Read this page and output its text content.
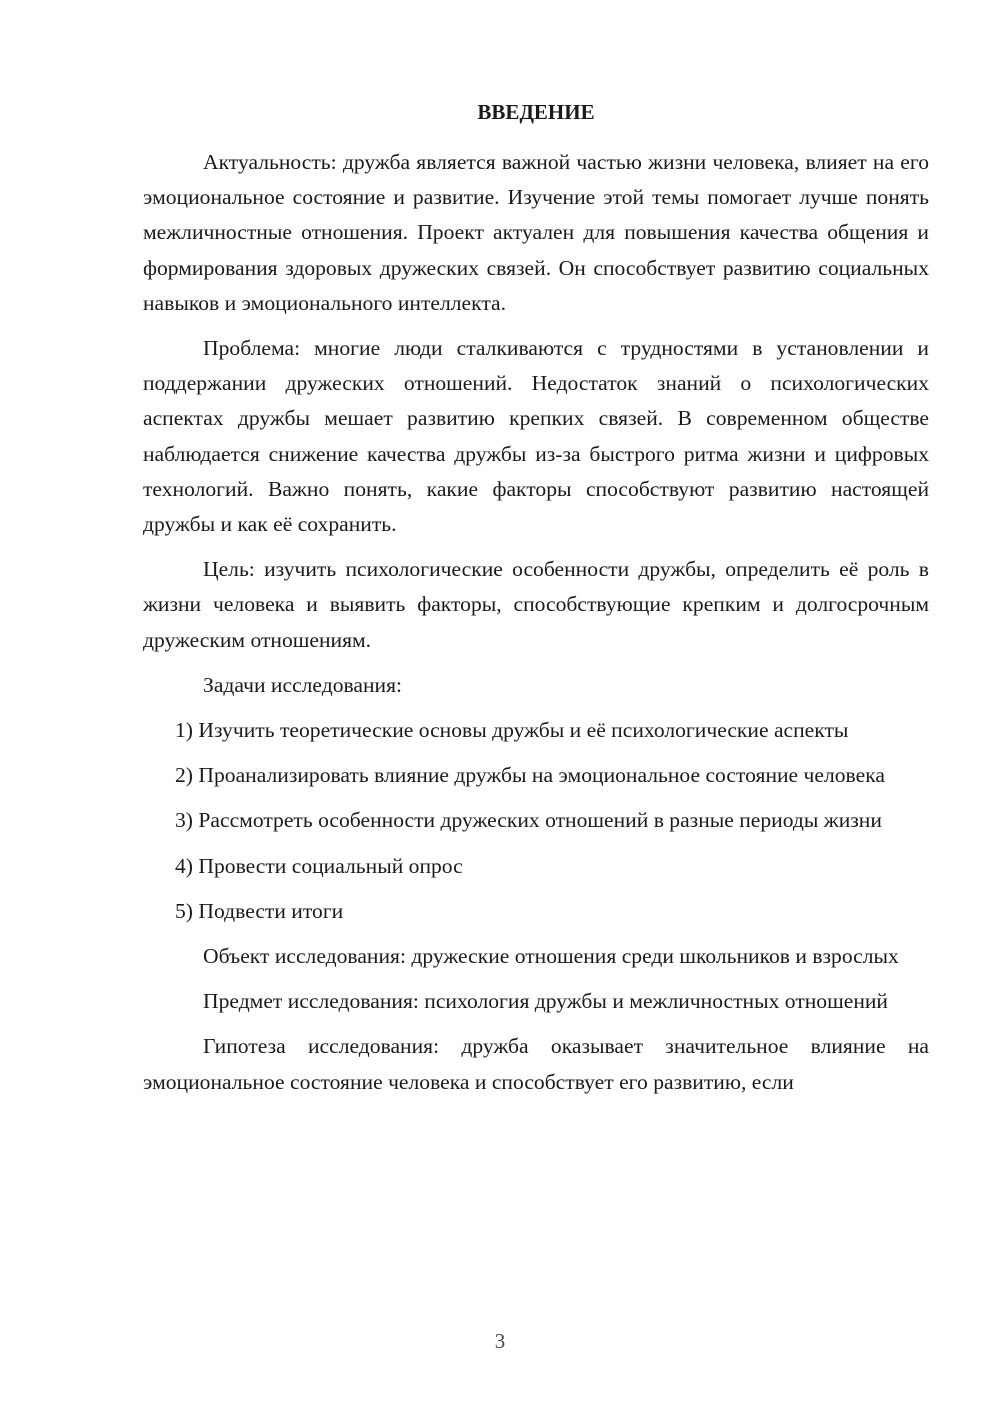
ВВЕДЕНИЕ

Актуальность: дружба является важной частью жизни человека, влияет на его эмоциональное состояние и развитие. Изучение этой темы помогает лучше понять межличностные отношения. Проект актуален для повышения качества общения и формирования здоровых дружеских связей. Он способствует развитию социальных навыков и эмоционального интеллекта.

Проблема: многие люди сталкиваются с трудностями в установлении и поддержании дружеских отношений. Недостаток знаний о психологических аспектах дружбы мешает развитию крепких связей. В современном обществе наблюдается снижение качества дружбы из-за быстрого ритма жизни и цифровых технологий. Важно понять, какие факторы способствуют развитию настоящей дружбы и как её сохранить.

Цель: изучить психологические особенности дружбы, определить её роль в жизни человека и выявить факторы, способствующие крепким и долгосрочным дружеским отношениям.

Задачи исследования:

1) Изучить теоретические основы дружбы и её психологические аспекты

2) Проанализировать влияние дружбы на эмоциональное состояние человека

3) Рассмотреть особенности дружеских отношений в разные периоды жизни

4) Провести социальный опрос

5) Подвести итоги

Объект исследования: дружеские отношения среди школьников и взрослых

Предмет исследования: психология дружбы и межличностных отношений

Гипотеза исследования: дружба оказывает значительное влияние на эмоциональное состояние человека и способствует его развитию, если

3
